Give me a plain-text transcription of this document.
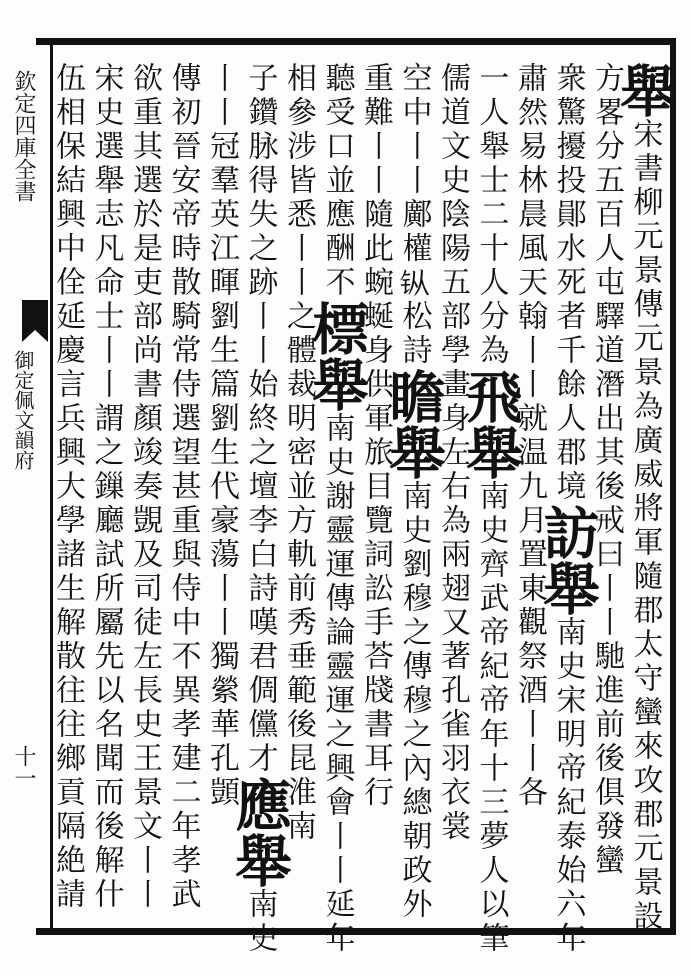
欽定四庫全書
御定佩文韻府
十一
舉宋書柳元景傳元景為廣威將軍隨郡太守蠻來攻郡元景設
方畧分五百人屯驛道潛出其後戒曰丨丨馳進前後俱發蠻
衆驚擾投鄖水死者千餘人郡境訪舉南史宋明帝紀泰始六年
肅然易林晨風天翰丨丨就温九月置東觀祭酒丨丨各
一人舉士二十人分為飛舉南史齊武帝紀帝年十三夢人以筆
儒道文史陰陽五部學畫身左右為兩翅又著孔雀羽衣裳
空中丨丨鄺權𫓩松詩瞻舉南史劉穆之傳穆之內總朝政外
重難丨丨隨此蜿蜒身供軍旅目覽詞訟手荅牋書耳行
聽受口並應酬不標舉南史謝靈運傳論靈運之興會丨丨延年
相參涉皆悉丨丨之體裁明密並方軌前秀垂範後昆淮南
子鑽脉得失之跡丨丨始終之壇李白詩嘆君倜儻才應舉南史
丨丨冠羣英江暉劉生篇劉生代豪蕩丨丨獨縈華孔顗
傳初晉安帝時散騎常侍選望甚重與侍中不異孝建二年孝武
欲重其選於是吏部尚書顏竣奏覬及司徒左長史王景文丨丨
宋史選舉志凡命士丨丨謂之鏁廳試所屬先以名聞而後解什
伍相保結興中佺延慶言兵興大學諸生解散往往鄉貢隔絶請
